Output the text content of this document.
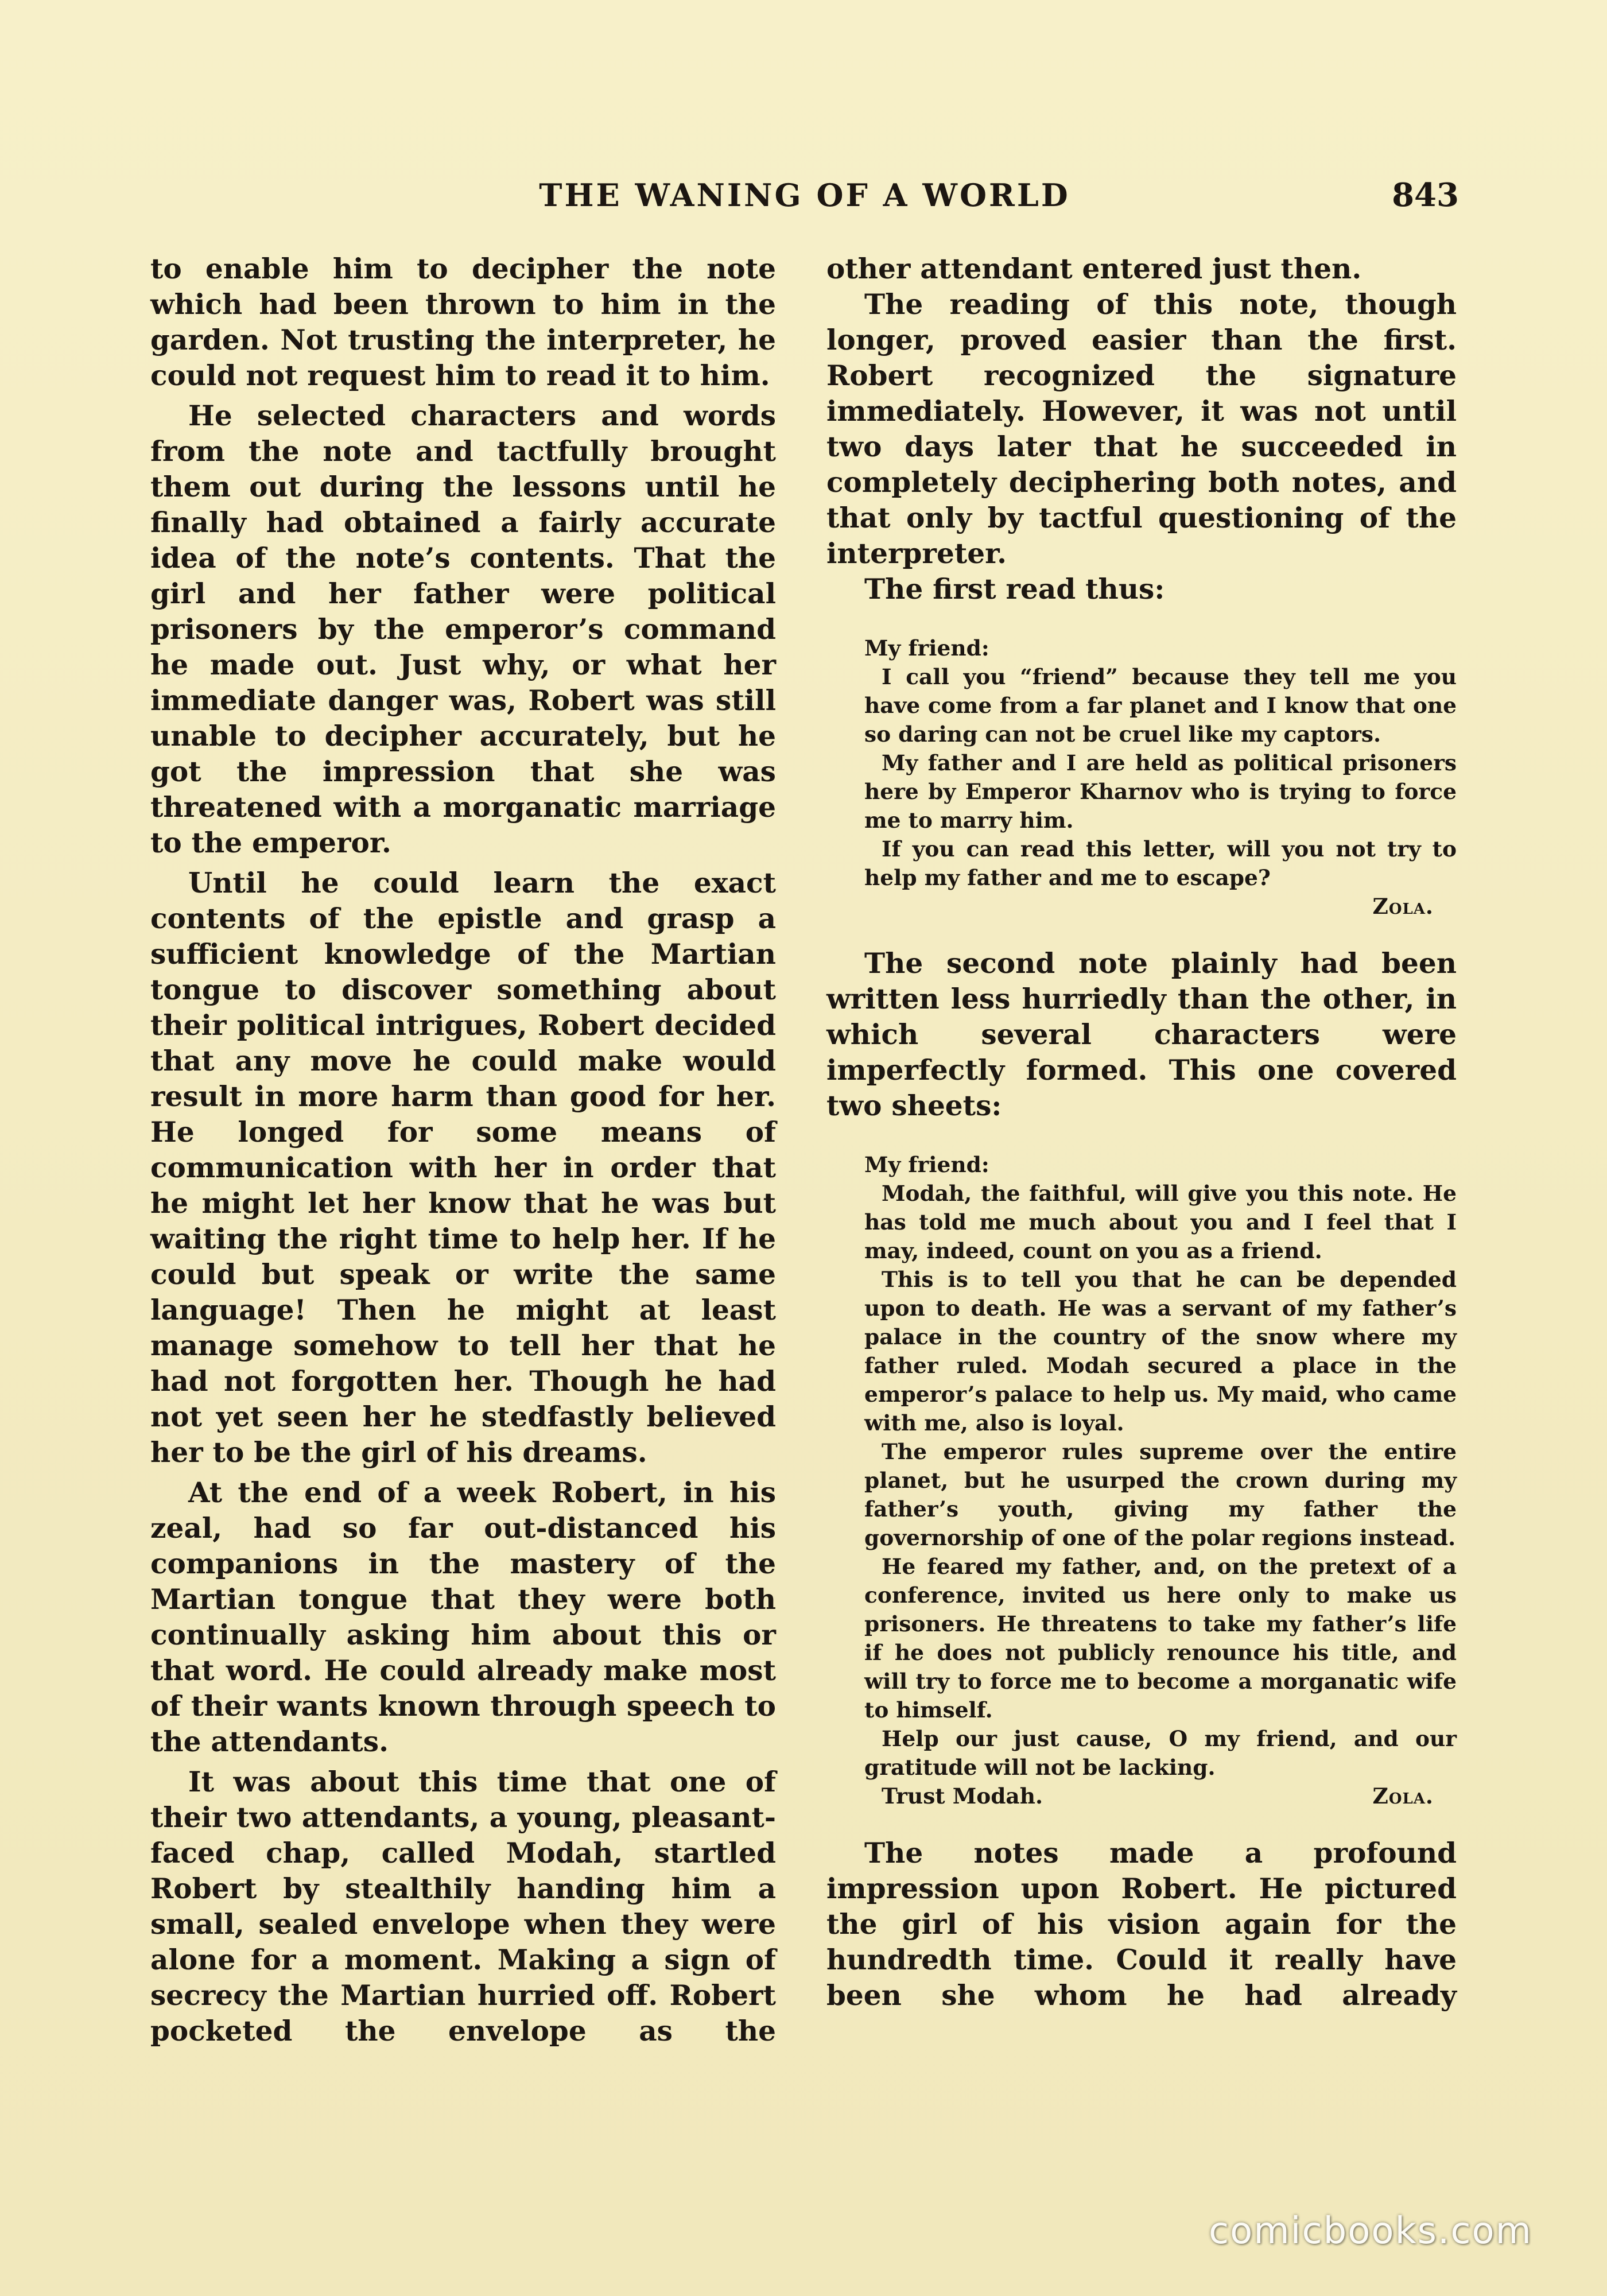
THE WANING OF A WORLD	843

to enable him to decipher the note which had been thrown to him in the garden. Not trusting the interpreter, he could not request him to read it to him.

He selected characters and words from the note and tactfully brought them out during the lessons until he finally had obtained a fairly accurate idea of the note’s contents. That the girl and her father were political prisoners by the emperor’s command he made out. Just why, or what her immediate danger was, Robert was still unable to decipher accurately, but he got the impression that she was threatened with a morganatic marriage to the emperor.

Until he could learn the exact contents of the epistle and grasp a sufficient knowledge of the Martian tongue to discover something about their political intrigues, Robert decided that any move he could make would result in more harm than good for her. He longed for some means of communication with her in order that he might let her know that he was but waiting the right time to help her. If he could but speak or write the same language! Then he might at least manage somehow to tell her that he had not forgotten her. Though he had not yet seen her he stedfastly believed her to be the girl of his dreams.

At the end of a week Robert, in his zeal, had so far out-distanced his companions in the mastery of the Martian tongue that they were both continually asking him about this or that word. He could already make most of their wants known through speech to the attendants.

It was about this time that one of their two attendants, a young, pleasant-faced chap, called Modah, startled Robert by stealthily handing him a small, sealed envelope when they were alone for a moment. Making a sign of secrecy the Martian hurried off. Robert pocketed the envelope as the

other attendant entered just then.

The reading of this note, though longer, proved easier than the first. Robert recognized the signature immediately. However, it was not until two days later that he succeeded in completely deciphering both notes, and that only by tactful questioning of the interpreter.

The first read thus:

My friend:

I call you “friend” because they tell me you have come from a far planet and I know that one so daring can not be cruel like my captors.

My father and I are held as political prisoners here by Emperor Kharnov who is trying to force me to marry him.

If you can read this letter, will you not try to help my father and me to escape?

Zola.

The second note plainly had been written less hurriedly than the other, in which several characters were imperfectly formed. This one covered two sheets:

My friend:

Modah, the faithful, will give you this note. He has told me much about you and I feel that I may, indeed, count on you as a friend.

This is to tell you that he can be depended upon to death. He was a servant of my father’s palace in the country of the snow where my father ruled. Modah secured a place in the emperor’s palace to help us. My maid, who came with me, also is loyal.

The emperor rules supreme over the entire planet, but he usurped the crown during my father’s youth, giving my father the governorship of one of the polar regions instead.

He feared my father, and, on the pretext of a conference, invited us here only to make us prisoners. He threatens to take my father’s life if he does not publicly renounce his title, and will try to force me to become a morganatic wife to himself.

Help our just cause, O my friend, and our gratitude will not be lacking.

Trust Modah.	Zola.

The notes made a profound impression upon Robert. He pictured the girl of his vision again for the hundredth time. Could it really have been she whom he had already

comicbooks.com
